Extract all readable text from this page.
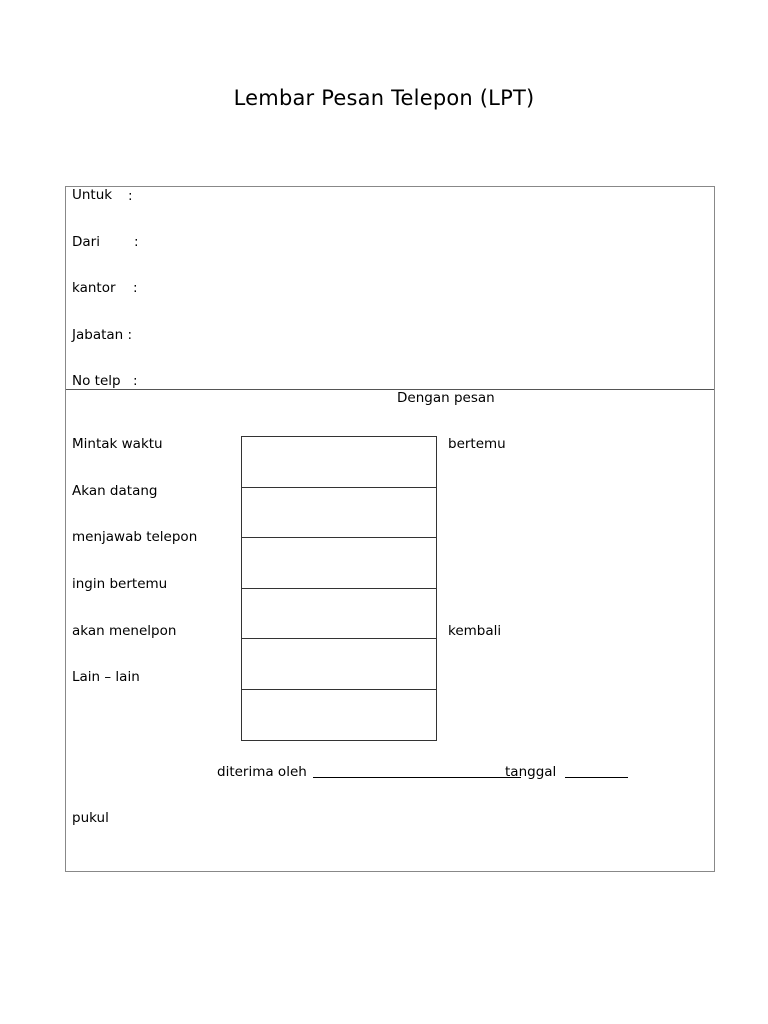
Lembar Pesan Telepon (LPT)
Untuk :
Dari	:
kantor :
Jabatan :
No telp :
Dengan pesan
Mintak waktu
Akan datang
menjawab telepon
ingin bertemu
akan menelpon
Lain – lain
bertemu
kembali
diterima oleh	tanggal
pukul
